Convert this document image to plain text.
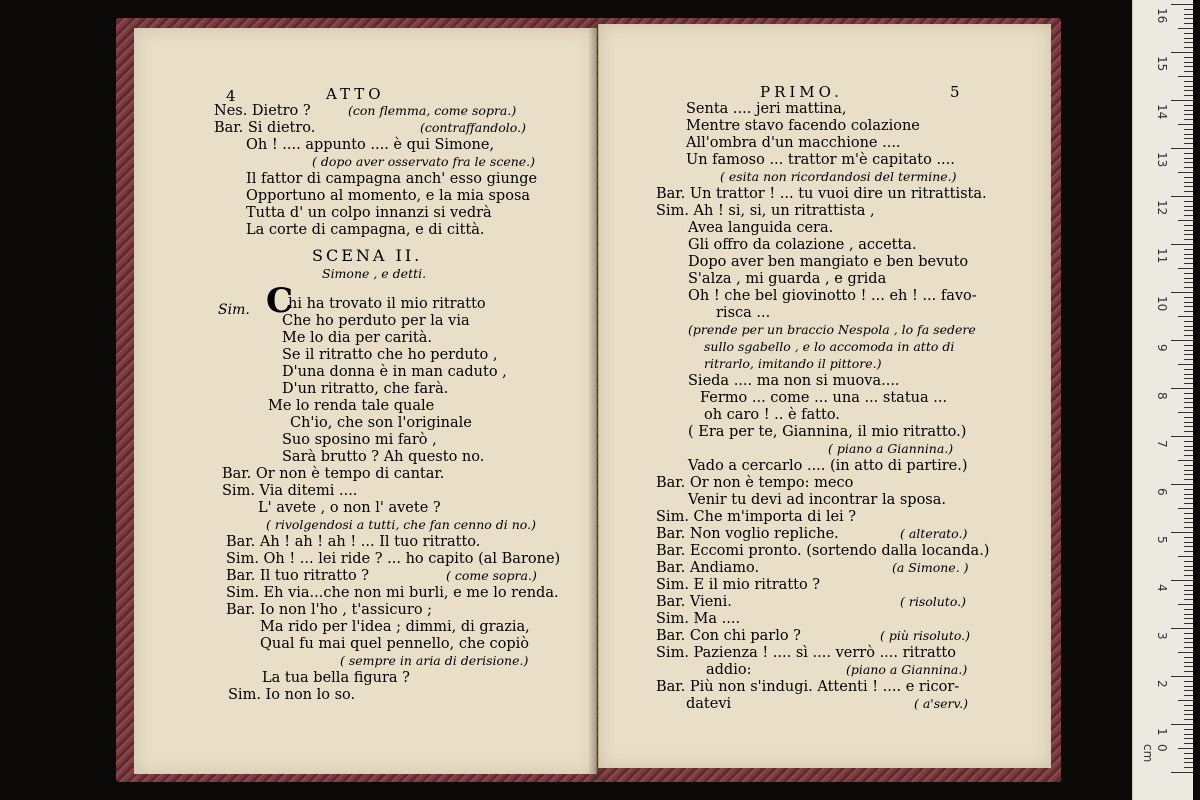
4	ATTO
Nes. Dietro ?	(con flemma, come sopra.)
Bar. Si dietro.	(contraffandolo.)
Oh ! .... appunto .... è qui Simone,
( dopo aver osservato fra le scene.)
Il fattor di campagna anch' esso giunge
Opportuno al momento, e la mia sposa
Tutta d' un colpo innanzi si vedrà
La corte di campagna, e di città.
SCENA II.
Simone , e detti.
Sim. C
hi ha trovato il mio ritratto
Che ho perduto per la via
Me lo dia per carità.
Se il ritratto che ho perduto ,
D'una donna è in man caduto ,
D'un ritratto, che farà.
Me lo renda tale quale
Ch'io, che son l'originale
Suo sposino mi farò ,
Sarà brutto ? Ah questo no.
Bar. Or non è tempo di cantar.
Sim. Via ditemi ....
L' avete , o non l' avete ?
( rivolgendosi a tutti, che fan cenno di no.)
Bar. Ah ! ah ! ah ! ... Il tuo ritratto.
Sim. Oh ! ... lei ride ? ... ho capito (al Barone)
Bar. Il tuo ritratto ?	( come sopra.)
Sim. Eh via...che non mi burli, e me lo renda.
Bar. Io non l'ho , t'assicuro ;
Ma rido per l'idea ; dimmi, di grazia,
Qual fu mai quel pennello, che copiò
( sempre in aria di derisione.)
La tua bella figura ?
Sim. Io non lo so.
PRIMO.	5
Senta .... jeri mattina,
Mentre stavo facendo colazione
All'ombra d'un macchione ....
Un famoso ... trattor m'è capitato ....
( esita non ricordandosi del termine.)
Bar. Un trattor ! ... tu vuoi dire un ritrattista.
Sim. Ah ! si, si, un ritrattista ,
Avea languida cera.
Gli offro da colazione , accetta.
Dopo aver ben mangiato e ben bevuto
S'alza , mi guarda , e grida
Oh ! che bel giovinotto ! ... eh ! ... favo-
risca ...
(prende per un braccio Nespola , lo fa sedere
sullo sgabello , e lo accomoda in atto di
ritrarlo, imitando il pittore.)
Sieda .... ma non si muova....
Fermo ... come ... una ... statua ...
oh caro ! .. è fatto.
( Era per te, Giannina, il mio ritratto.)
( piano a Giannina.)
Vado a cercarlo .... (in atto di partire.)
Bar. Or non è tempo: meco
Venir tu devi ad incontrar la sposa.
Sim. Che m'importa di lei ?
Bar. Non voglio repliche.	( alterato.)
Bar. Eccomi pronto. (sortendo dalla locanda.)
Bar. Andiamo.	(a Simone. )
Sim. E il mio ritratto ?
Bar. Vieni.	( risoluto.)
Sim. Ma ....
Bar. Con chi parlo ?	( più risoluto.)
Sim. Pazienza ! .... sì .... verrò .... ritratto
addio:	(piano a Giannina.)
Bar. Più non s'indugi. Attenti ! .... e ricor-
datevi	( a'serv.)
16
15
14
13
12
11
10
9
8
7
6
5
4
3
2
1
0 cm
